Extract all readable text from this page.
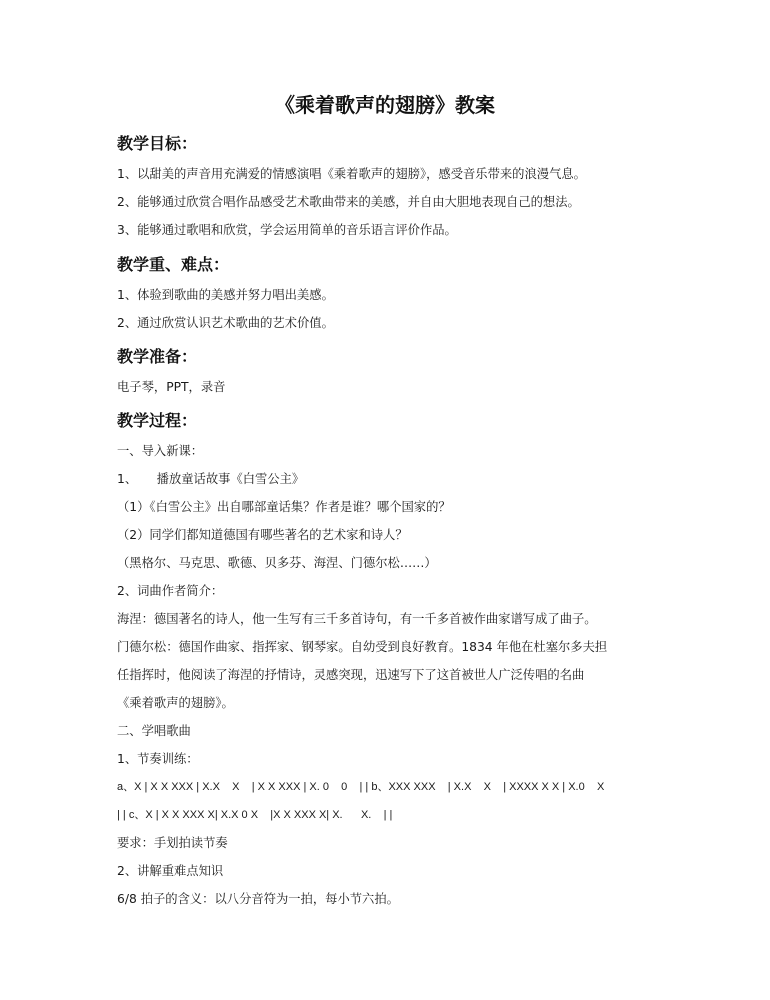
《乘着歌声的翅膀》教案
教学目标：
1、以甜美的声音用充满爱的情感演唱《乘着歌声的翅膀》，感受音乐带来的浪漫气息。
2、能够通过欣赏合唱作品感受艺术歌曲带来的美感，并自由大胆地表现自己的想法。
3、能够通过歌唱和欣赏，学会运用简单的音乐语言评价作品。
教学重、难点：
1、体验到歌曲的美感并努力唱出美感。
2、通过欣赏认识艺术歌曲的艺术价值。
教学准备：
电子琴，PPT，录音
教学过程：
一、导入新课：
1、     播放童话故事《白雪公主》
（1）《白雪公主》出自哪部童话集？作者是谁？哪个国家的？
（2）同学们都知道德国有哪些著名的艺术家和诗人？
（黑格尔、马克思、歌德、贝多芬、海涅、门德尔松……）
2、词曲作者简介：
海涅：德国著名的诗人，他一生写有三千多首诗句，有一千多首被作曲家谱写成了曲子。
门德尔松：德国作曲家、指挥家、钢琴家。自幼受到良好教育。1834 年他在杜塞尔多夫担
任指挥时，他阅读了海涅的抒情诗，灵感突现，迅速写下了这首被世人广泛传唱的名曲
《乘着歌声的翅膀》。
二、学唱歌曲
1、节奏训练：
a、X | X X XXX | X.X    X    | X X XXX | X. 0    0    | | b、XXX XXX    | X.X    X    | XXXX X X | X.0    X
| | c、X | X X XXX X| X.X 0 X    |X X XXX X| X.      X.    | |
要求：手划拍读节奏
2、讲解重难点知识
6/8 拍子的含义：以八分音符为一拍，每小节六拍。
